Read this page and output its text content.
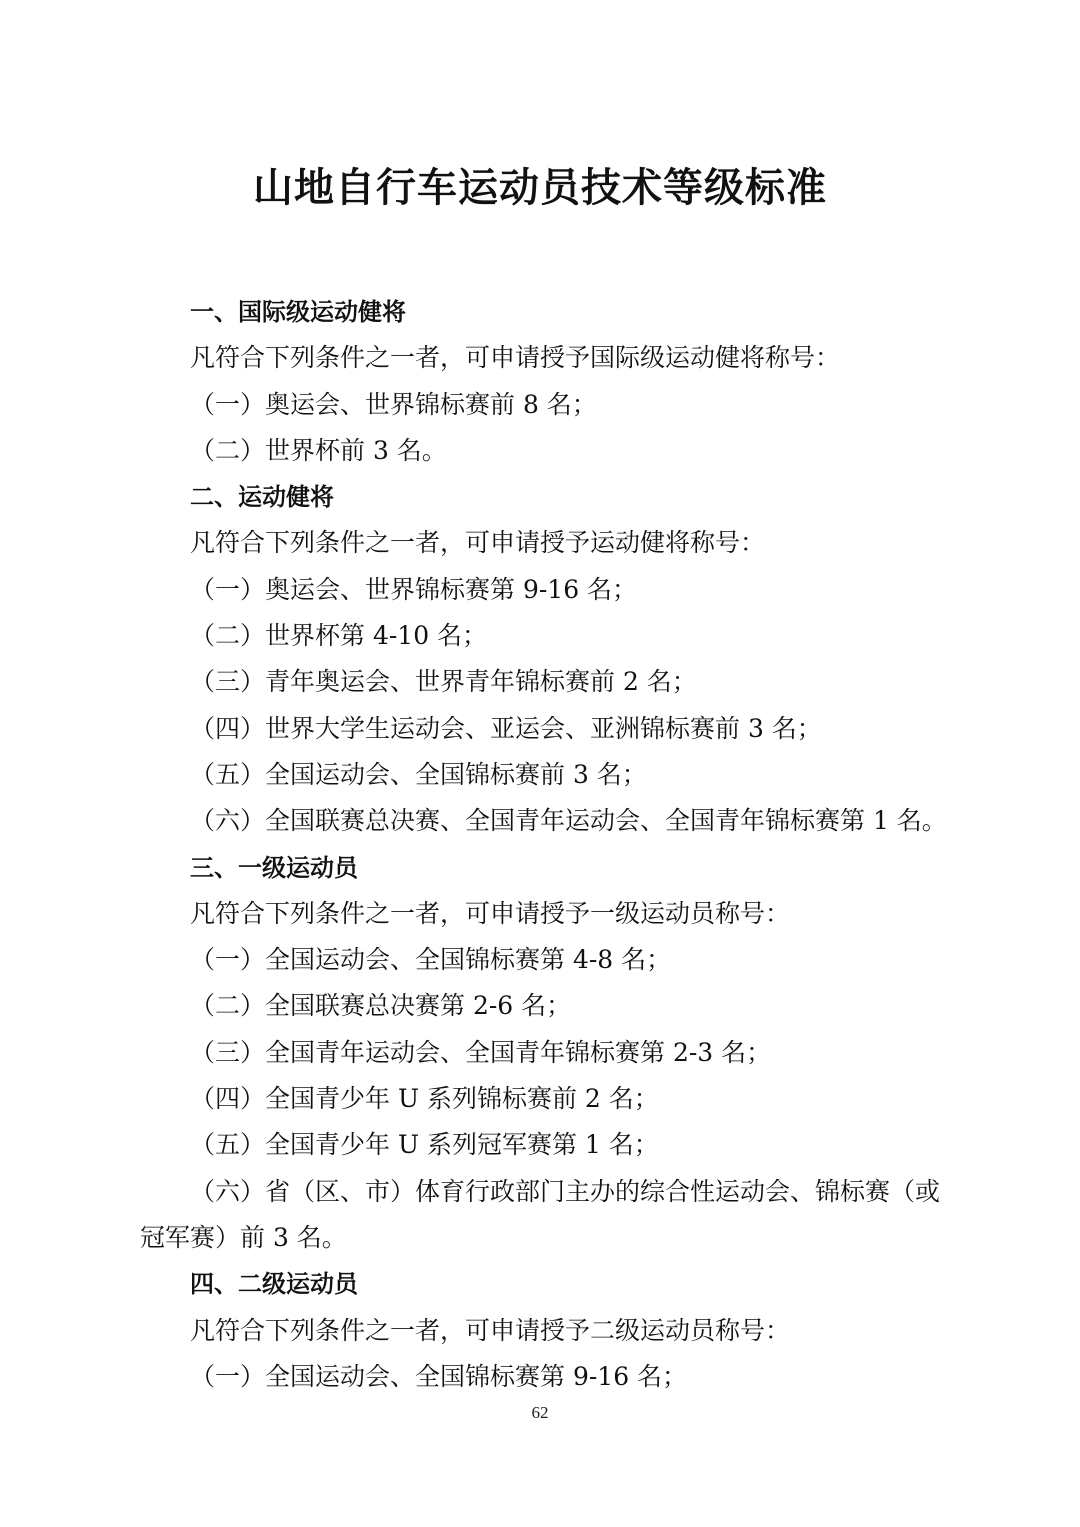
山地自行车运动员技术等级标准
一、国际级运动健将
凡符合下列条件之一者，可申请授予国际级运动健将称号：
（一）奥运会、世界锦标赛前 8 名；
（二）世界杯前 3 名。
二、运动健将
凡符合下列条件之一者，可申请授予运动健将称号：
（一）奥运会、世界锦标赛第 9-16 名；
（二）世界杯第 4-10 名；
（三）青年奥运会、世界青年锦标赛前 2 名；
（四）世界大学生运动会、亚运会、亚洲锦标赛前 3 名；
（五）全国运动会、全国锦标赛前 3 名；
（六）全国联赛总决赛、全国青年运动会、全国青年锦标赛第 1 名。
三、一级运动员
凡符合下列条件之一者，可申请授予一级运动员称号：
（一）全国运动会、全国锦标赛第 4-8 名；
（二）全国联赛总决赛第 2-6 名；
（三）全国青年运动会、全国青年锦标赛第 2-3 名；
（四）全国青少年 U 系列锦标赛前 2 名；
（五）全国青少年 U 系列冠军赛第 1 名；
（六）省（区、市）体育行政部门主办的综合性运动会、锦标赛（或冠军赛）前 3 名。
四、二级运动员
凡符合下列条件之一者，可申请授予二级运动员称号：
（一）全国运动会、全国锦标赛第 9-16 名；
62
